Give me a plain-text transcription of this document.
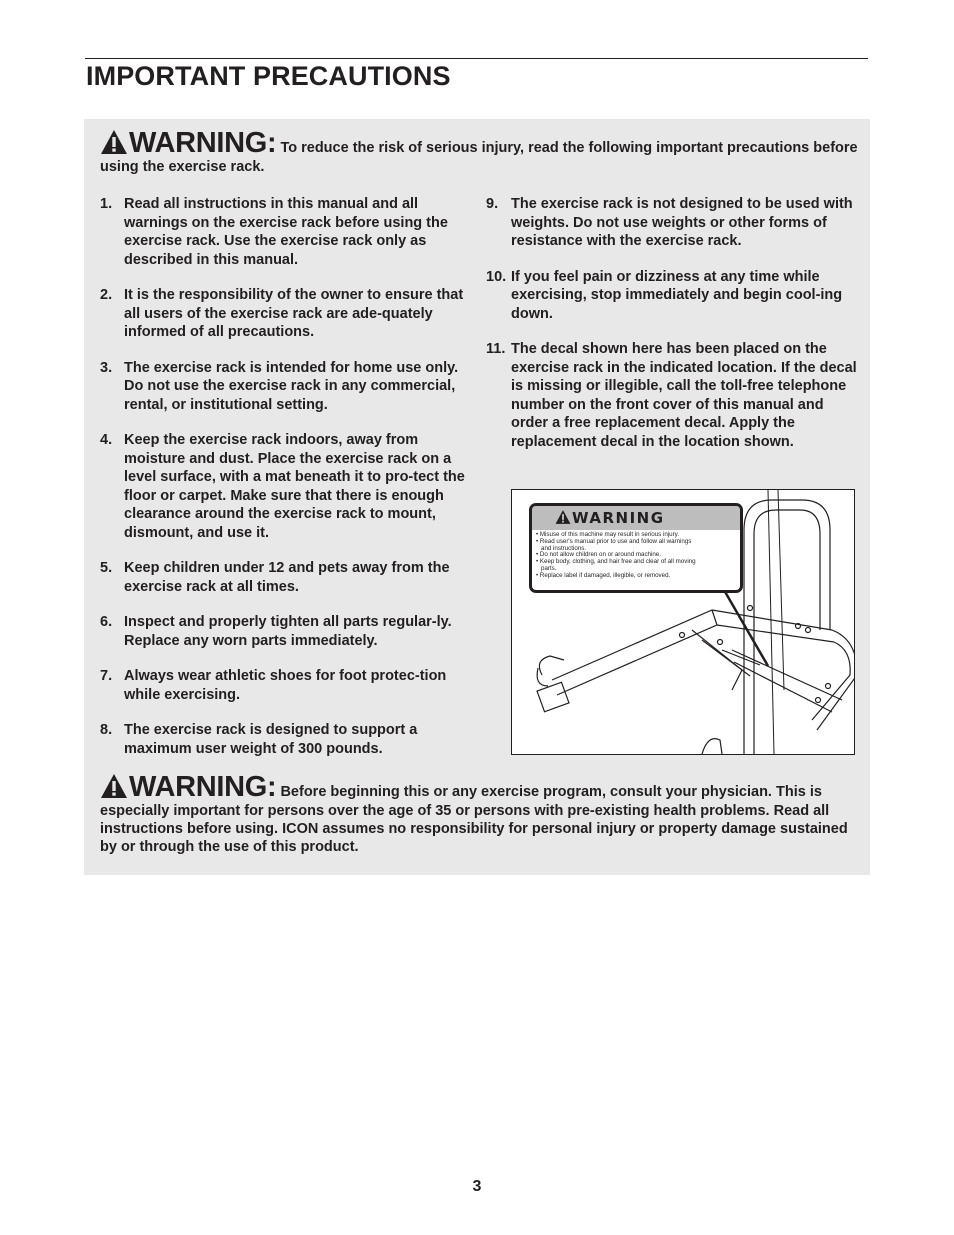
IMPORTANT PRECAUTIONS
WARNING: To reduce the risk of serious injury, read the following important precautions before using the exercise rack.
1. Read all instructions in this manual and all warnings on the exercise rack before using the exercise rack. Use the exercise rack only as described in this manual.
2. It is the responsibility of the owner to ensure that all users of the exercise rack are ade-quately informed of all precautions.
3. The exercise rack is intended for home use only. Do not use the exercise rack in any commercial, rental, or institutional setting.
4. Keep the exercise rack indoors, away from moisture and dust. Place the exercise rack on a level surface, with a mat beneath it to pro-tect the floor or carpet. Make sure that there is enough clearance around the exercise rack to mount, dismount, and use it.
5. Keep children under 12 and pets away from the exercise rack at all times.
6. Inspect and properly tighten all parts regular-ly. Replace any worn parts immediately.
7. Always wear athletic shoes for foot protec-tion while exercising.
8. The exercise rack is designed to support a maximum user weight of 300 pounds.
9. The exercise rack is not designed to be used with weights. Do not use weights or other forms of resistance with the exercise rack.
10. If you feel pain or dizziness at any time while exercising, stop immediately and begin cool-ing down.
11. The decal shown here has been placed on the exercise rack in the indicated location. If the decal is missing or illegible, call the toll-free telephone number on the front cover of this manual and order a free replacement decal. Apply the replacement decal in the location shown.
WARNING
• Misuse of this machine may result in serious injury.
• Read user's manual prior to use and follow all warnings
and instructions.
• Do not allow children on or around machine.
• Keep body, clothing, and hair free and clear of all moving
parts.
• Replace label if damaged, illegible, or removed.
WARNING: Before beginning this or any exercise program, consult your physician. This is especially important for persons over the age of 35 or persons with pre-existing health problems. Read all instructions before using. ICON assumes no responsibility for personal injury or property damage sustained by or through the use of this product.
3
